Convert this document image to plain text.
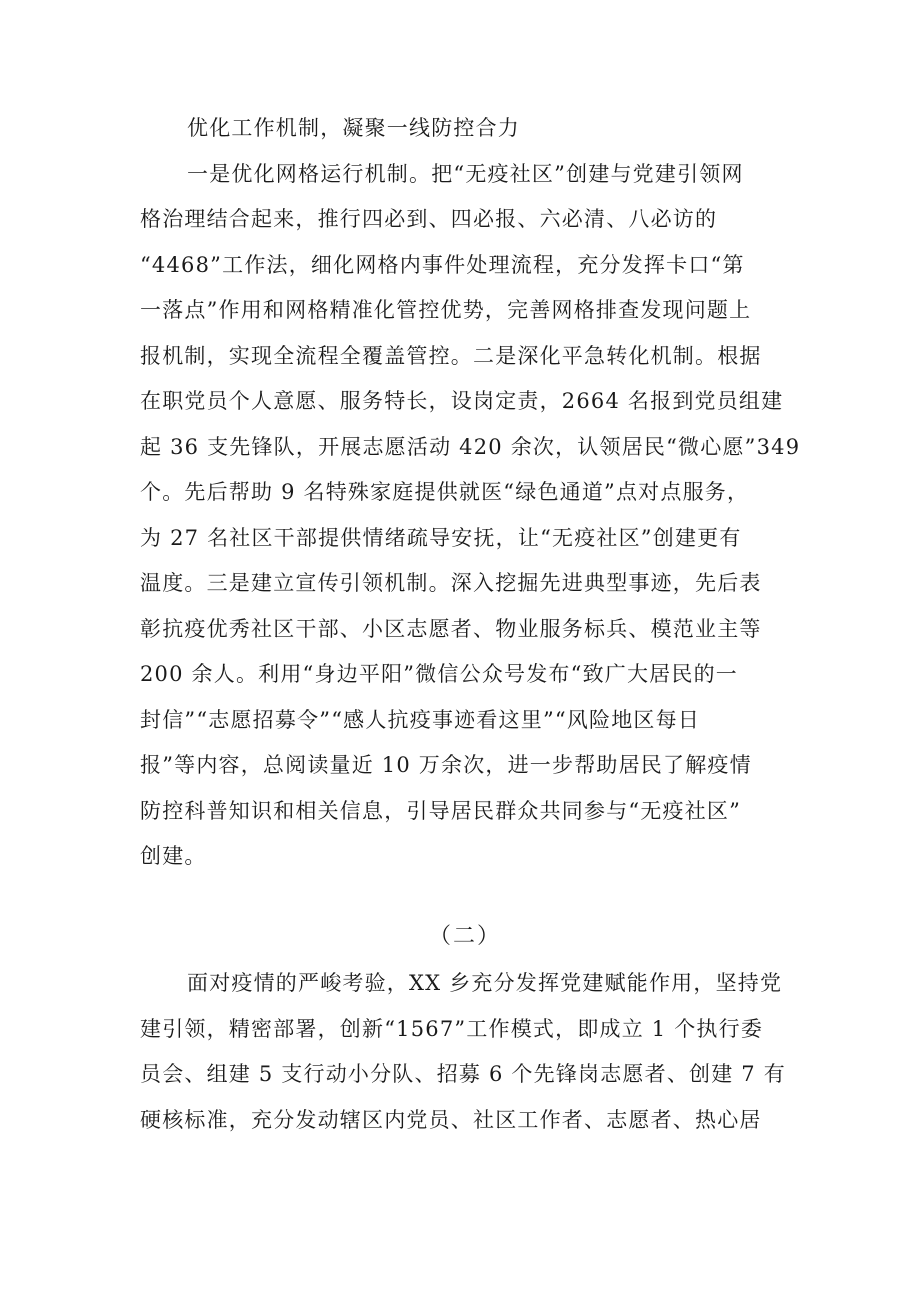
优化工作机制，凝聚一线防控合力
一是优化网格运行机制。把“无疫社区”创建与党建引领网
格治理结合起来，推行四必到、四必报、六必清、八必访的
“4468”工作法，细化网格内事件处理流程，充分发挥卡口“第
一落点”作用和网格精准化管控优势，完善网格排查发现问题上
报机制，实现全流程全覆盖管控。二是深化平急转化机制。根据
在职党员个人意愿、服务特长，设岗定责，2664 名报到党员组建
起 36 支先锋队，开展志愿活动 420 余次，认领居民“微心愿”349
个。先后帮助 9 名特殊家庭提供就医“绿色通道”点对点服务，
为 27 名社区干部提供情绪疏导安抚，让“无疫社区”创建更有
温度。三是建立宣传引领机制。深入挖掘先进典型事迹，先后表
彰抗疫优秀社区干部、小区志愿者、物业服务标兵、模范业主等
200 余人。利用“身边平阳”微信公众号发布“致广大居民的一
封信”“志愿招募令”“感人抗疫事迹看这里”“风险地区每日
报”等内容，总阅读量近 10 万余次，进一步帮助居民了解疫情
防控科普知识和相关信息，引导居民群众共同参与“无疫社区”
创建。
（二）
面对疫情的严峻考验，XX 乡充分发挥党建赋能作用，坚持党
建引领，精密部署，创新“1567”工作模式，即成立 1 个执行委
员会、组建 5 支行动小分队、招募 6 个先锋岗志愿者、创建 7 有
硬核标准，充分发动辖区内党员、社区工作者、志愿者、热心居
